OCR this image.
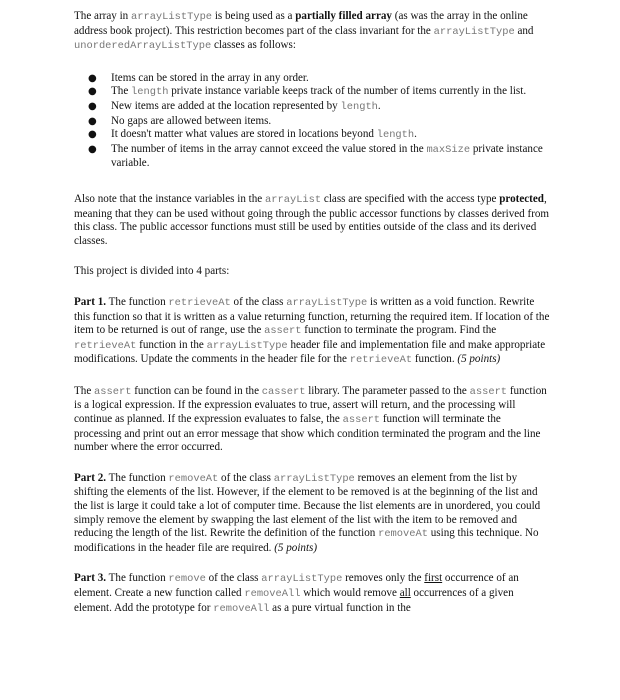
The array in arrayListType is being used as a partially filled array (as was the array in the online address book project). This restriction becomes part of the class invariant for the arrayListType and unorderedArrayListType classes as follows:

● Items can be stored in the array in any order.
● The length private instance variable keeps track of the number of items currently in the list.
● New items are added at the location represented by length.
● No gaps are allowed between items.
● It doesn't matter what values are stored in locations beyond length.
● The number of items in the array cannot exceed the value stored in the maxSize private instance variable.

Also note that the instance variables in the arrayList class are specified with the access type protected, meaning that they can be used without going through the public accessor functions by classes derived from this class. The public accessor functions must still be used by entities outside of the class and its derived classes.

This project is divided into 4 parts:

Part 1. The function retrieveAt of the class arrayListType is written as a void function. Rewrite this function so that it is written as a value returning function, returning the required item. If location of the item to be returned is out of range, use the assert function to terminate the program. Find the retrieveAt function in the arrayListType header file and implementation file and make appropriate modifications. Update the comments in the header file for the retrieveAt function. (5 points)

The assert function can be found in the cassert library. The parameter passed to the assert function is a logical expression. If the expression evaluates to true, assert will return, and the processing will continue as planned. If the expression evaluates to false, the assert function will terminate the processing and print out an error message that show which condition terminated the program and the line number where the error occurred.

Part 2. The function removeAt of the class arrayListType removes an element from the list by shifting the elements of the list. However, if the element to be removed is at the beginning of the list and the list is large it could take a lot of computer time. Because the list elements are in unordered, you could simply remove the element by swapping the last element of the list with the item to be removed and reducing the length of the list. Rewrite the definition of the function removeAt using this technique. No modifications in the header file are required. (5 points)

Part 3. The function remove of the class arrayListType removes only the first occurrence of an element. Create a new function called removeAll which would remove all occurrences of a given element. Add the prototype for removeAll as a pure virtual function in the
